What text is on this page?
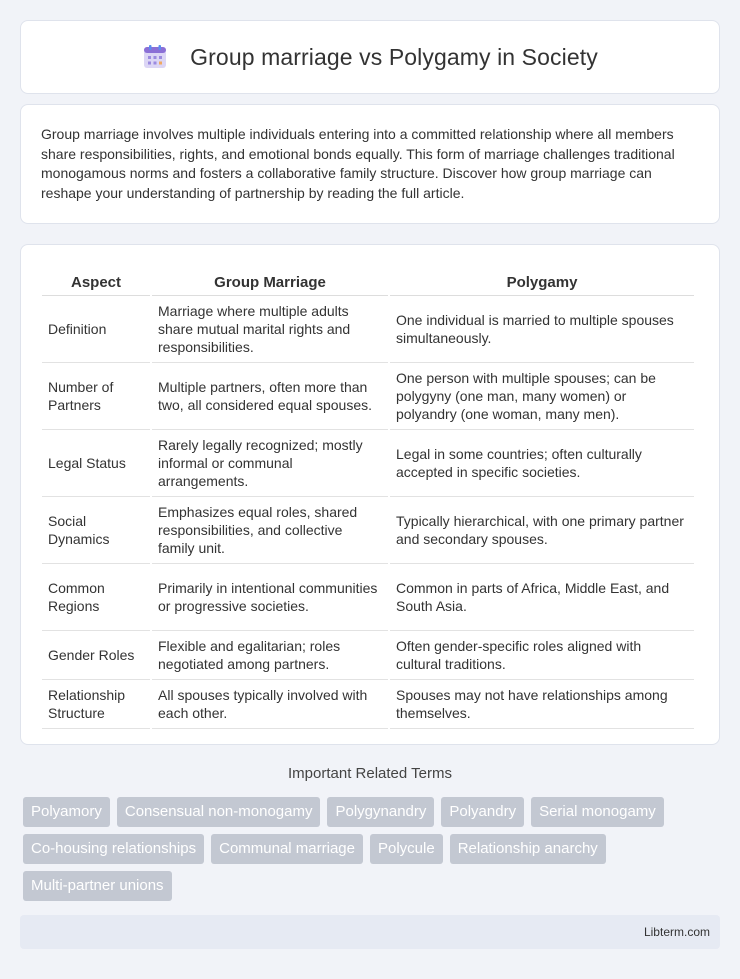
Group marriage vs Polygamy in Society

Group marriage involves multiple individuals entering into a committed relationship where all members share responsibilities, rights, and emotional bonds equally. This form of marriage challenges traditional monogamous norms and fosters a collaborative family structure. Discover how group marriage can reshape your understanding of partnership by reading the full article.

Aspect	Group Marriage	Polygamy
Definition	Marriage where multiple adults share mutual marital rights and responsibilities.	One individual is married to multiple spouses simultaneously.
Number of Partners	Multiple partners, often more than two, all considered equal spouses.	One person with multiple spouses; can be polygyny (one man, many women) or polyandry (one woman, many men).
Legal Status	Rarely legally recognized; mostly informal or communal arrangements.	Legal in some countries; often culturally accepted in specific societies.
Social Dynamics	Emphasizes equal roles, shared responsibilities, and collective family unit.	Typically hierarchical, with one primary partner and secondary spouses.
Common Regions	Primarily in intentional communities or progressive societies.	Common in parts of Africa, Middle East, and South Asia.
Gender Roles	Flexible and egalitarian; roles negotiated among partners.	Often gender-specific roles aligned with cultural traditions.
Relationship Structure	All spouses typically involved with each other.	Spouses may not have relationships among themselves.
Important Related Terms
Polyamory	Consensual non-monogamy	Polygynandry	Polyandry	Serial monogamy
Co-housing relationships	Communal marriage	Polycule	Relationship anarchy
Multi-partner unions
Libterm.com
